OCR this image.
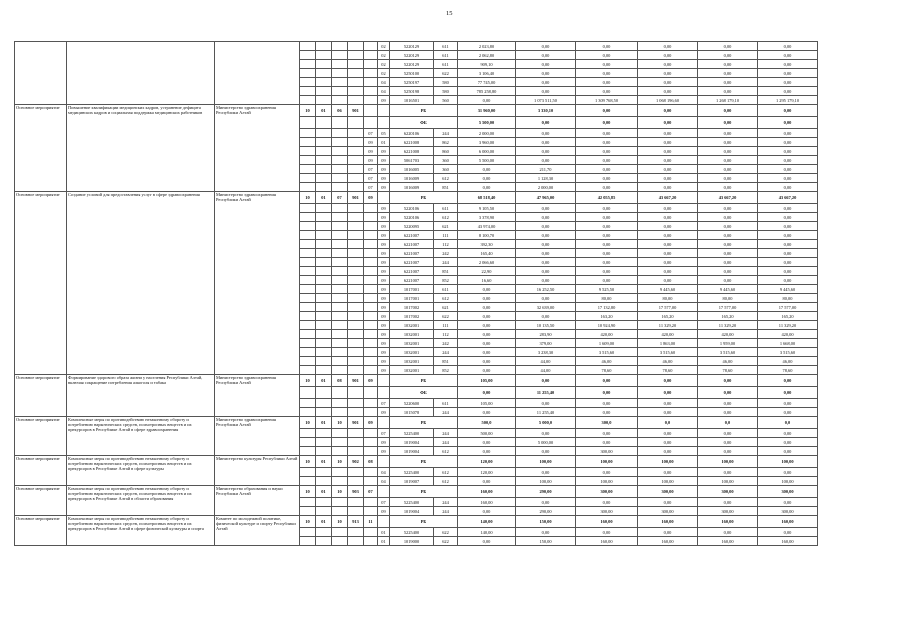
15
								02	5220129	611	2 023,80	0,00	0,00	0,00	0,00	0,00
								02	5220129	611	2 062,80	0,00	0,00	0,00	0,00	0,00
								02	5220129	611	909,10	0,00	0,00	0,00	0,00	0,00
								02	5250100	622	3 106,40	0,00	0,00	0,00	0,00	0,00
								04	5250197	580	77 745,00	0,00	0,00	0,00	0,00	0,00
								04	5250198	580	785 258,80	0,00	0,00	0,00	0,00	0,00
								09	1016501	560	0,00	1 073 511,50	1 309 768,50	1 068 196,60	1 268 179,10	1 295 179,10
Основное мероприятие	Повышение квалификации медицинских кадров, устранение дефицита медицинских кадров и социальная поддержка медицинских работников	Министерство здравоохранения Республики Алтай	10	01	06	901			РБ		31 960,00	3 330,10	0,00	0,00	0,00	0,00
									ФБ		5 500,00	0,00	0,00	0,00	0,00	0,00
							07	05	6220106	244	2 000,00	0,00	0,00	0,00	0,00	0,00
							09	01	6221008	862	3 960,00	0,00	0,00	0,00	0,00	0,00
							09	09	6221008	860	6 000,00	0,00	0,00	0,00	0,00	0,00
							09	09	5061703	360	5 500,00	0,00	0,00	0,00	0,00	0,00
							07	09	1016005	360	0,00	211,70	0,00	0,00	0,00	0,00
							07	09	1016009	612	0,00	1 128,30	0,00	0,00	0,00	0,00
							07	09	1016009	851	0,00	2 000,00	0,00	0,00	0,00	0,00
Основное мероприятие	Создание условий для предоставления услуг в сфере здравоохранения	Министерство здравоохранения Республики Алтай	10	01	07	901	09		РБ		68 518,40	47 965,00	42 055,85	43 667,20	43 667,20	43 667,20
								09	5220106	611	9 105,50	0,00	0,00	0,00	0,00	0,00
								09	5220106	612	3 378,90	0,00	0,00	0,00	0,00	0,00
								09	5220095	621	43 974,00	0,00	0,00	0,00	0,00	0,00
								09	6221007	111	8 100,70	0,00	0,00	0,00	0,00	0,00
								09	6221007	112	392,30	0,00	0,00	0,00	0,00	0,00
								09	6221007	242	165,40	0,00	0,00	0,00	0,00	0,00
								09	6221007	244	2 066,60	0,00	0,00	0,00	0,00	0,00
								09	6221007	851	22,90	0,00	0,00	0,00	0,00	0,00
								09	6221007	852	16,60	0,00	0,00	0,00	0,00	0,00
								09	1017001	611	0,00	16 252,50	9 525,50	9 445,60	9 445,60	9 445,60
								09	1017001	612	0,00	0,00	80,00	80,00	80,00	80,00
								09	1017002	621	0,00	32 639,00	17 132,80	17 577,00	17 577,00	17 577,00
								09	1017002	622	0,00	0,00	163,20	165,20	165,20	165,20
								09	1032001	111	0,00	10 135,50	10 924,90	11 329,20	11 329,20	11 329,20
								09	1032001	112	0,00	283,90	420,00	420,00	420,00	420,00
								09	1032001	242	0,00	379,00	1 609,00	1 863,00	1 959,00	1 668,00
								09	1032001	244	0,00	3 238,30	3 515,60	3 515,60	3 515,60	3 515,60
								09	1032001	851	0,00	44,00	46,00	46,00	46,00	46,00
								09	1032001	852	0,00	44,00	78,60	78,60	78,60	78,60
Основное мероприятие	Формирование здорового образа жизни у населения Республики Алтай, включая сокращение потребления алкоголя и табака	Министерство здравоохранения Республики Алтай	10	01	08	901	09		РБ		105,00	0,00	0,00	0,00	0,00	0,00
									ФБ		0,00	11 255,40	0,00	0,00	0,00	0,00
								07	5220600	611	105,00	0,00	0,00	0,00	0,00	0,00
								09	1015078	244	0,00	11 255,40	0,00	0,00	0,00	0,00
Основное мероприятие	Комплексные меры по противодействию незаконному обороту и потреблению наркотических средств, психотропных веществ и их прекурсоров в Республике Алтай в сфере здравоохранения	Министерство здравоохранения Республики Алтай	10	01	10	901	09		РБ		500,0	5 000,0	300,0	0,0	0,0	0,0
								07	5225400	244	500,00	0,00	0,00	0,00	0,00	0,00
								09	1019004	244	0,00	5 000,00	0,00	0,00	0,00	0,00
								09	1019004	612	0,00	0,00	300,00	0,00	0,00	0,00
Основное мероприятие	Комплексные меры по противодействию незаконному обороту и потреблению наркотических средств, психотропных веществ и их прекурсоров в Республике Алтай в сфере культуры	Министерство культуры Республики Алтай	10	01	10	902	08		РБ		120,00	100,00	100,00	100,00	100,00	100,00
								04	5225400	612	120,00	0,00	0,00	0,00	0,00	0,00
								04	1019007	612	0,00	100,00	100,00	100,00	100,00	100,00
Основное мероприятие	Комплексные меры по противодействию незаконному обороту и потреблению наркотических средств, психотропных веществ и их прекурсоров в Республике Алтай в области образования	Министерство образования и науки Республики Алтай	10	01	10	903	07		РБ		160,00	290,00	300,00	300,00	300,00	300,00
								07	5225400	244	160,00	0,00	0,00	0,00	0,00	0,00
								09	1019004	244	0,00	290,00	300,00	300,00	300,00	300,00
Основное мероприятие	Комплексные меры по противодействию незаконному обороту и потреблению наркотических средств, психотропных веществ и их прекурсоров в Республике Алтай в сфере физической культуры и спорта	Комитет по молодежной политике, физической культуре и спорту Республики Алтай	10	01	10	913	11		РБ		140,00	150,00	160,00	160,00	160,00	160,00
								01	5225400	622	140,00	0,00	0,00	0,00	0,00	0,00
								01	1019000	622	0,00	150,00	160,00	160,00	160,00	160,00
